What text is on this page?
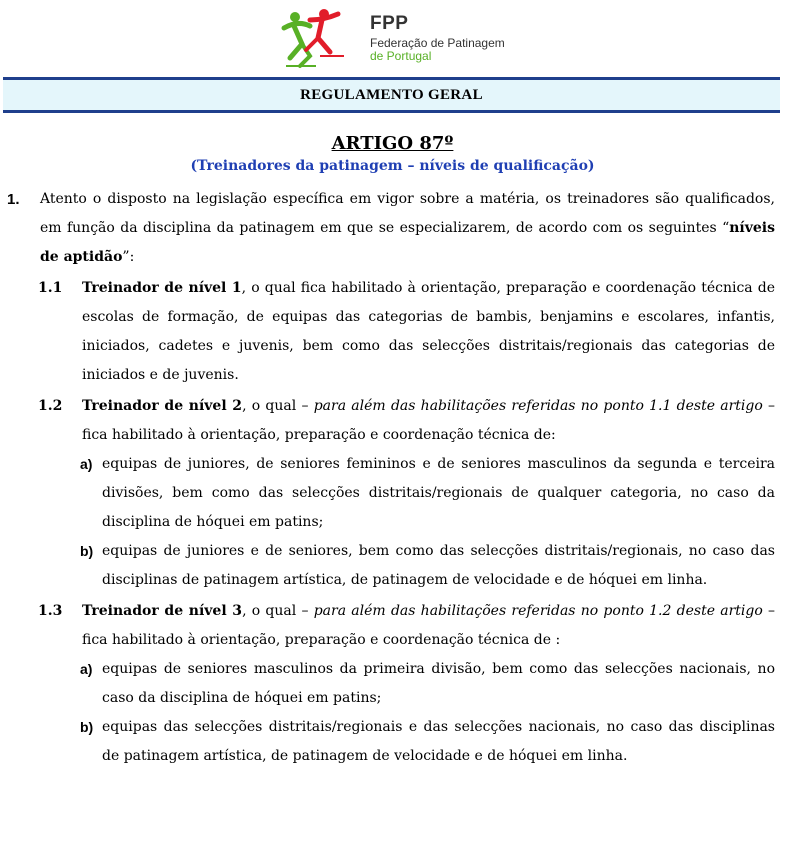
FPP
Federação de Patinagem
de Portugal
REGULAMENTO GERAL
ARTIGO 87º
(Treinadores da patinagem – níveis de qualificação)
1. Atento o disposto na legislação específica em vigor sobre a matéria, os treinadores são qualificados, em função da disciplina da patinagem em que se especializarem, de acordo com os seguintes “níveis de aptidão”:
1.1 Treinador de nível 1, o qual fica habilitado à orientação, preparação e coordenação técnica de escolas de formação, de equipas das categorias de bambis, benjamins e escolares, infantis, iniciados, cadetes e juvenis, bem como das selecções distritais/regionais das categorias de iniciados e de juvenis.
1.2 Treinador de nível 2, o qual – para além das habilitações referidas no ponto 1.1 deste artigo – fica habilitado à orientação, preparação e coordenação técnica de:
a) equipas de juniores, de seniores femininos e de seniores masculinos da segunda e terceira divisões, bem como das selecções distritais/regionais de qualquer categoria, no caso da disciplina de hóquei em patins;
b) equipas de juniores e de seniores, bem como das selecções distritais/regionais, no caso das disciplinas de patinagem artística, de patinagem de velocidade e de hóquei em linha.
1.3 Treinador de nível 3, o qual – para além das habilitações referidas no ponto 1.2 deste artigo – fica habilitado à orientação, preparação e coordenação técnica de :
a) equipas de seniores masculinos da primeira divisão, bem como das selecções nacionais, no caso da disciplina de hóquei em patins;
b) equipas das selecções distritais/regionais e das selecções nacionais, no caso das disciplinas de patinagem artística, de patinagem de velocidade e de hóquei em linha.
